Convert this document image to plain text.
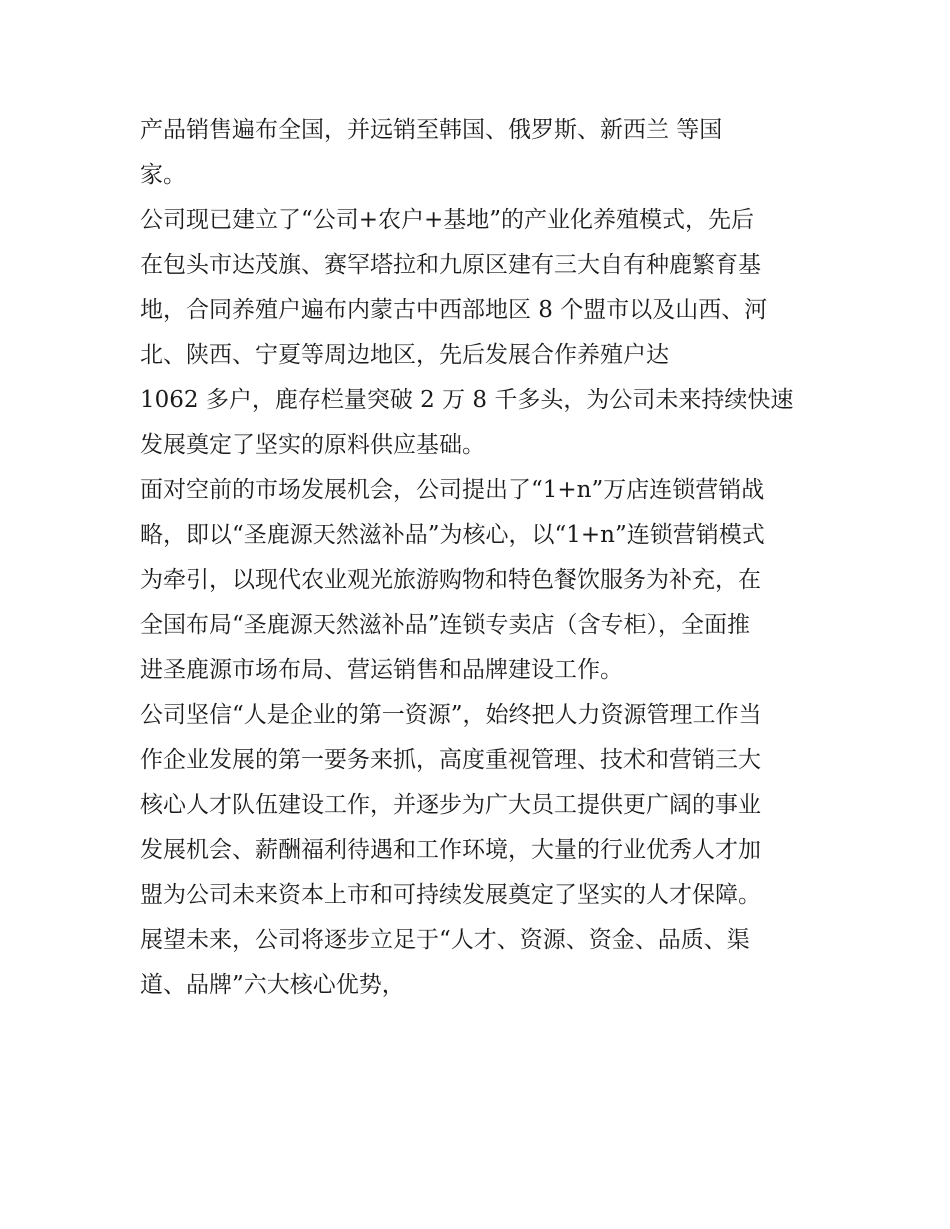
产品销售遍布全国，并远销至韩国、俄罗斯、新西兰 等国
家。
公司现已建立了“公司+农户+基地”的产业化养殖模式，先后
在包头市达茂旗、赛罕塔拉和九原区建有三大自有种鹿繁育基
地，合同养殖户遍布内蒙古中西部地区 8 个盟市以及山西、河
北、陕西、宁夏等周边地区，先后发展合作养殖户达
1062 多户，鹿存栏量突破 2 万 8 千多头，为公司未来持续快速
发展奠定了坚实的原料供应基础。
面对空前的市场发展机会，公司提出了“1+n”万店连锁营销战
略，即以“圣鹿源天然滋补品”为核心，以“1+n”连锁营销模式
为牵引，以现代农业观光旅游购物和特色餐饮服务为补充，在
全国布局“圣鹿源天然滋补品”连锁专卖店（含专柜），全面推
进圣鹿源市场布局、营运销售和品牌建设工作。
公司坚信“人是企业的第一资源”，始终把人力资源管理工作当
作企业发展的第一要务来抓，高度重视管理、技术和营销三大
核心人才队伍建设工作，并逐步为广大员工提供更广阔的事业
发展机会、薪酬福利待遇和工作环境，大量的行业优秀人才加
盟为公司未来资本上市和可持续发展奠定了坚实的人才保障。
展望未来，公司将逐步立足于“人才、资源、资金、品质、渠
道、品牌”六大核心优势，
